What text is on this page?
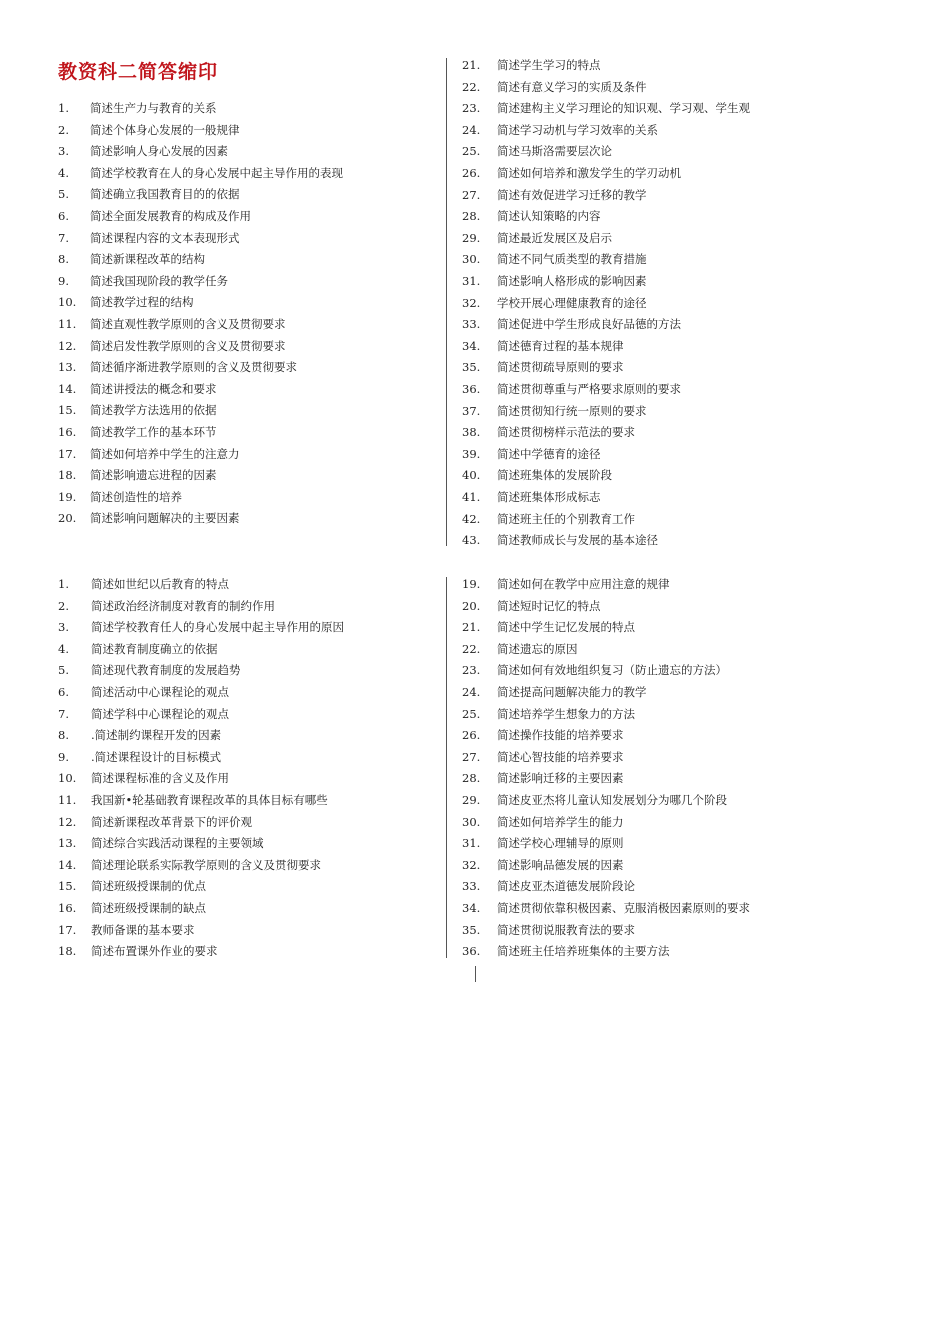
教资科二简答缩印
1.	简述生产力与教育的关系
2.	简述个体身心发展的一般规律
3.	简述影响人身心发展的因素
4.	简述学校教育在人的身心发展中起主导作用的表现
5.	简述确立我国教育目的的依据
6.	简述全面发展教育的构成及作用
7.	简述课程内容的文本表现形式
8.	简述新课程改革的结构
9.	简述我国现阶段的教学任务
10.	简述教学过程的结构
11.	简述直观性教学原则的含义及贯彻要求
12.	简述启发性教学原则的含义及贯彻要求
13.	简述循序渐进教学原则的含义及贯彻要求
14.	简述讲授法的概念和要求
15.	简述教学方法选用的依据
16.	简述教学工作的基本环节
17.	简述如何培养中学生的注意力
18.	简述影响遗忘进程的因素
19.	简述创造性的培养
20.	简述影响问题解决的主要因素
21.	简述学生学习的特点
22.	简述有意义学习的实质及条件
23.	简述建构主义学习理论的知识观、学习观、学生观
24.	简述学习动机与学习效率的关系
25.	简述马斯洛需要层次论
26.	简述如何培养和激发学生的学刃动机
27.	简述有效促进学习迁移的教学
28.	简述认知策略的内容
29.	简述最近发展区及启示
30.	简述不同气质类型的教育措施
31.	简述影响人格形成的影响因素
32.	学校开展心理健康教育的途径
33.	简述促进中学生形成良好品德的方法
34.	简述德育过程的基本规律
35.	简述贯彻疏导原则的要求
36.	简述贯彻尊重与严格要求原则的要求
37.	简述贯彻知行统一原则的要求
38.	简述贯彻榜样示范法的要求
39.	简述中学德育的途径
40.	简述班集体的发展阶段
41.	简述班集体形成标志
42.	简述班主任的个别教育工作
43.	简述教师成长与发展的基本途径
1.	简述如世纪以后教育的特点
2.	简述政治经济制度对教育的制约作用
3.	简述学校教育任人的身心发展中起主导作用的原因
4.	简述教育制度确立的依据
5.	简述现代教育制度的发展趋势
6.	简述活动中心课程论的观点
7.	简述学科中心课程论的观点
8.	.简述制约课程开发的因素
9.	.简述课程设计的目标模式
10.	简述课程标准的含义及作用
11.	我国新•轮基础教育课程改革的具体目标有哪些
12.	简述新课程改革背景下的评价观
13.	简述综合实践活动课程的主要领域
14.	简述理论联系实际教学原则的含义及贯彻要求
15.	简述班级授课制的优点
16.	简述班级授课制的缺点
17.	教师备课的基本要求
18.	简述布置课外作业的要求
19.	简述如何在教学中应用注意的规律
20.	简述短时记忆的特点
21.	简述中学生记忆发展的特点
22.	简述遗忘的原因
23.	简述如何有效地组织复习（防止遗忘的方法）
24.	简述提高问题解决能力的教学
25.	简述培养学生想象力的方法
26.	简述操作技能的培养要求
27.	简述心智技能的培养要求
28.	简述影响迁移的主要因素
29.	简述皮亚杰将儿童认知发展划分为哪几个阶段
30.	简述如何培养学生的能力
31.	简述学校心理辅导的原则
32.	简述影响品德发展的因素
33.	简述皮亚杰道德发展阶段论
34.	简述贯彻依靠积极因素、克服消极因素原则的要求
35.	简述贯彻说服教育法的要求
36.	简述班主任培养班集体的主要方法
